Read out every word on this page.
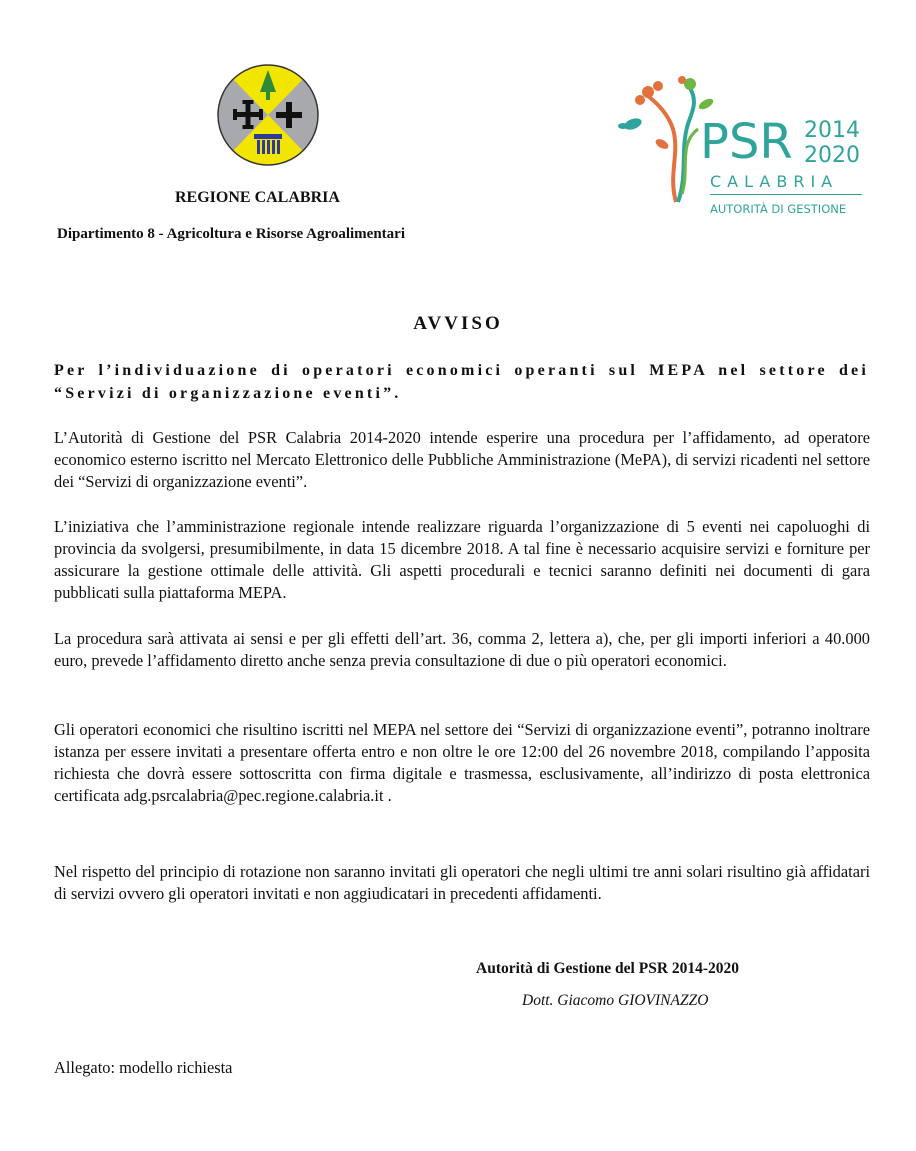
REGIONE CALABRIA
Dipartimento 8 - Agricoltura e Risorse Agroalimentari
PSR 2014
2020
CALABRIA
AUTORITÀ DI GESTIONE
AVVISO
Per l’individuazione di operatori economici operanti sul MEPA nel settore dei “Servizi di organizzazione eventi”.

L’Autorità di Gestione del PSR Calabria 2014-2020 intende esperire una procedura per l’affidamento, ad operatore economico esterno iscritto nel Mercato Elettronico delle Pubbliche Amministrazione (MePA), di servizi ricadenti nel settore dei “Servizi di organizzazione eventi”.

L’iniziativa che l’amministrazione regionale intende realizzare riguarda l’organizzazione di 5 eventi nei capoluoghi di provincia da svolgersi, presumibilmente, in data 15 dicembre 2018. A tal fine è necessario acquisire servizi e forniture per assicurare la gestione ottimale delle attività. Gli aspetti procedurali e tecnici saranno definiti nei documenti di gara pubblicati sulla piattaforma MEPA.

La procedura sarà attivata ai sensi e per gli effetti dell’art. 36, comma 2, lettera a), che, per gli importi inferiori a 40.000 euro, prevede l’affidamento diretto anche senza previa consultazione di due o più operatori economici.

Gli operatori economici che risultino iscritti nel MEPA nel settore dei “Servizi di organizzazione eventi”, potranno inoltrare istanza per essere invitati a presentare offerta entro e non oltre le ore 12:00 del 26 novembre 2018, compilando l’apposita richiesta che dovrà essere sottoscritta con firma digitale e trasmessa, esclusivamente, all’indirizzo di posta elettronica certificata adg.psrcalabria@pec.regione.calabria.it .

Nel rispetto del principio di rotazione non saranno invitati gli operatori che negli ultimi tre anni solari risultino già affidatari di servizi ovvero gli operatori invitati e non aggiudicatari in precedenti affidamenti.

Autorità di Gestione del PSR 2014-2020
Dott. Giacomo GIOVINAZZO
Allegato: modello richiesta
